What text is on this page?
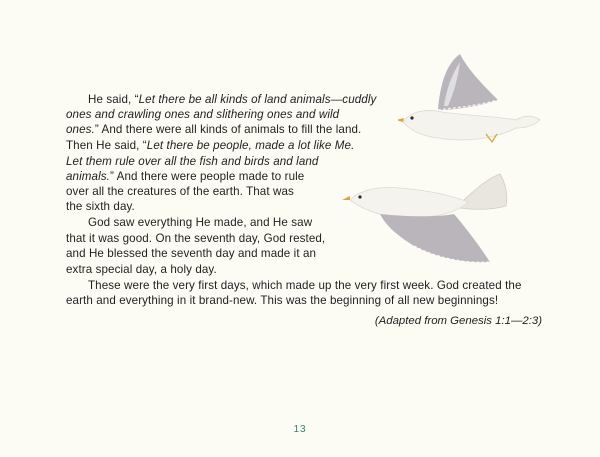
He said, “Let there be all kinds of land animals—cuddly
ones and crawling ones and slithering ones and wild
ones.” And there were all kinds of animals to fill the land.
Then He said, “Let there be people, made a lot like Me.
Let them rule over all the fish and birds and land
animals.” And there were people made to rule
over all the creatures of the earth. That was
the sixth day.
God saw everything He made, and He saw
that it was good. On the seventh day, God rested,
and He blessed the seventh day and made it an
extra special day, a holy day.
These were the very first days, which made up the very first week. God created the
earth and everything in it brand-new. This was the beginning of all new beginnings!
(Adapted from Genesis 1:1—2:3)
13
